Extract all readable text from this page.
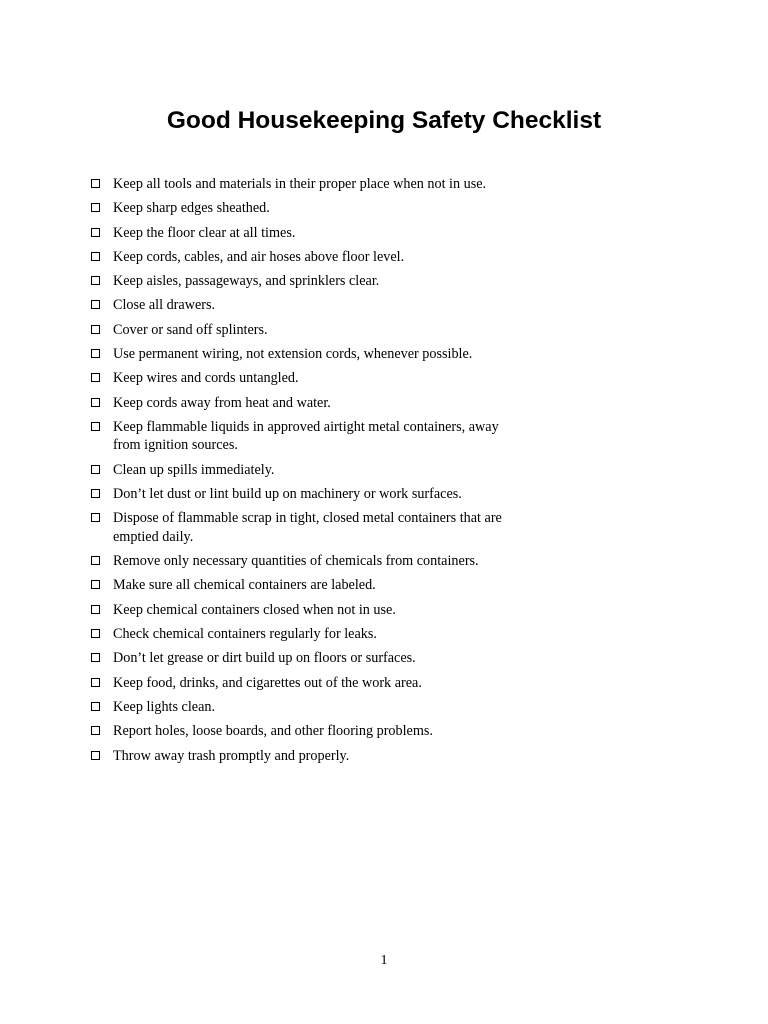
Good Housekeeping Safety Checklist
Keep all tools and materials in their proper place when not in use.
Keep sharp edges sheathed.
Keep the floor clear at all times.
Keep cords, cables, and air hoses above floor level.
Keep aisles, passageways, and sprinklers clear.
Close all drawers.
Cover or sand off splinters.
Use permanent wiring, not extension cords, whenever possible.
Keep wires and cords untangled.
Keep cords away from heat and water.
Keep flammable liquids in approved airtight metal containers, away from ignition sources.
Clean up spills immediately.
Don’t let dust or lint build up on machinery or work surfaces.
Dispose of flammable scrap in tight, closed metal containers that are emptied daily.
Remove only necessary quantities of chemicals from containers.
Make sure all chemical containers are labeled.
Keep chemical containers closed when not in use.
Check chemical containers regularly for leaks.
Don’t let grease or dirt build up on floors or surfaces.
Keep food, drinks, and cigarettes out of the work area.
Keep lights clean.
Report holes, loose boards, and other flooring problems.
Throw away trash promptly and properly.
1
